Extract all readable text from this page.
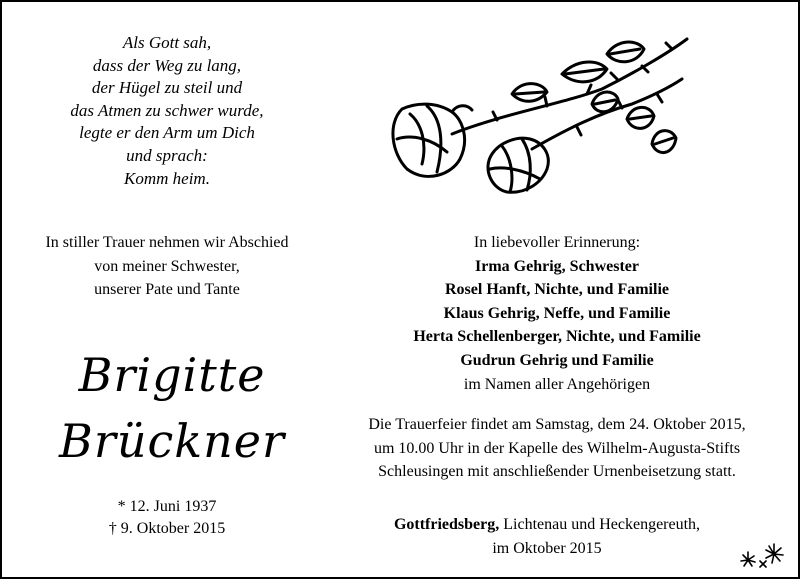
Als Gott sah,
dass der Weg zu lang,
der Hügel zu steil und
das Atmen zu schwer wurde,
legte er den Arm um Dich
und sprach:
Komm heim.
In stiller Trauer nehmen wir Abschied
von meiner Schwester,
unserer Pate und Tante
Brigitte
Brückner
* 12. Juni 1937
† 9. Oktober 2015
In liebevoller Erinnerung:
Irma Gehrig, Schwester
Rosel Hanft, Nichte, und Familie
Klaus Gehrig, Neffe, und Familie
Herta Schellenberger, Nichte, und Familie
Gudrun Gehrig und Familie
im Namen aller Angehörigen
Die Trauerfeier findet am Samstag, dem 24. Oktober 2015,
um 10.00 Uhr in der Kapelle des Wilhelm-Augusta-Stifts
Schleusingen mit anschließender Urnenbeisetzung statt.
Gottfriedsberg, Lichtenau und Heckengereuth,
im Oktober 2015
